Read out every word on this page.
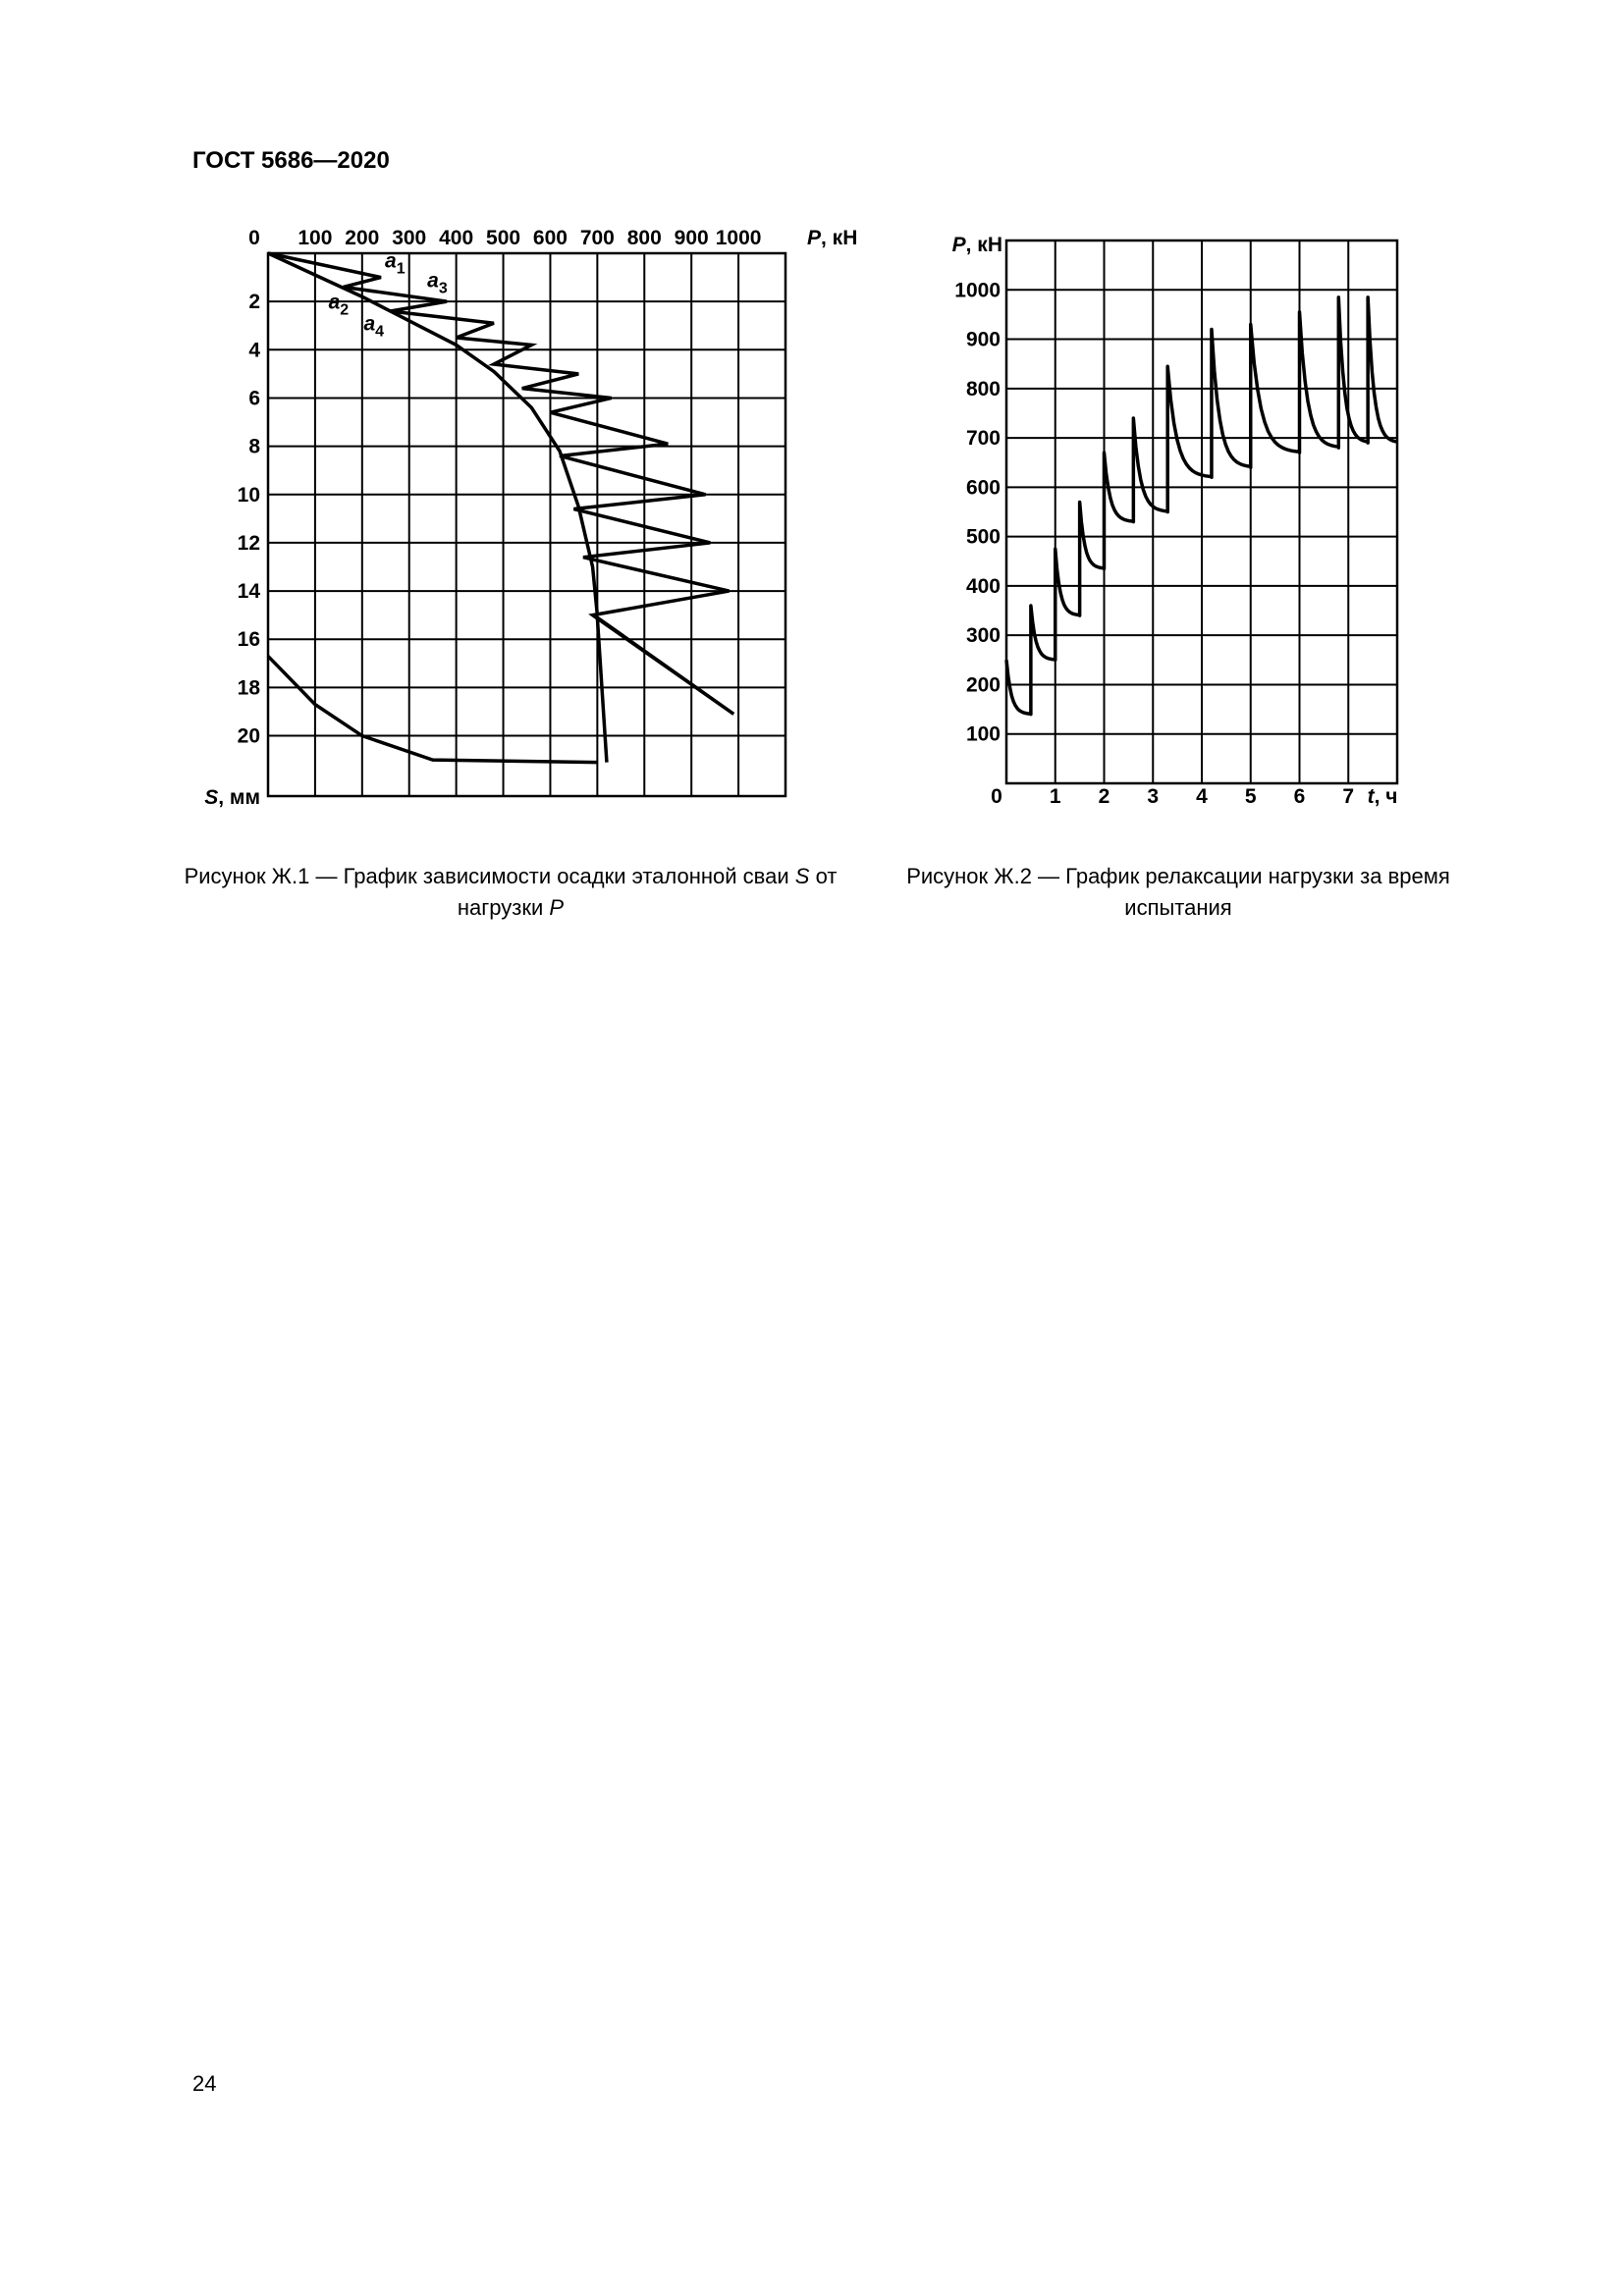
ГОСТ 5686—2020
0 100 200 300 400 500 600 700 800 900 1000
2
4
6
8
10
12
14
16
18
20
P, кН
S, мм
$a_1$
$a_3$
$a_2$
$a_4$
Рисунок Ж.1 — График зависимости осадки эталонной сваи S от нагрузки P
100
200
300
400
500
600
700
800
900
1000
0 1 2 3 4 5 6 7
P, кН
t, ч
Рисунок Ж.2 — График релаксации нагрузки за время
испытания
24
